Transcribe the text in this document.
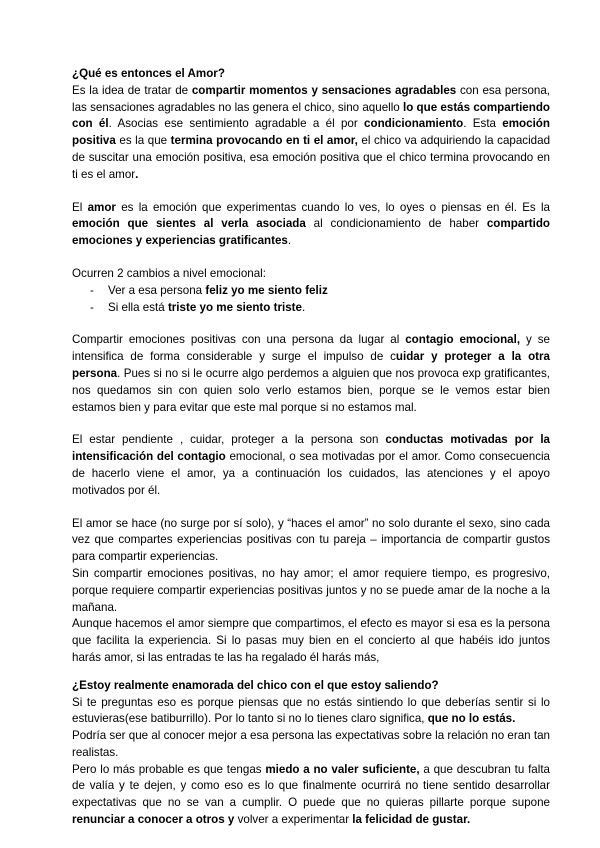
¿Qué es entonces el Amor?

Es la idea de tratar de compartir momentos y sensaciones agradables con esa persona, las sensaciones agradables no las genera el chico, sino aquello lo que estás compartiendo con él. Asocias ese sentimiento agradable a él por condicionamiento. Esta emoción positiva es la que termina provocando en ti el amor, el chico va adquiriendo la capacidad de suscitar una emoción positiva, esa emoción positiva que el chico termina provocando en ti es el amor.

El amor es la emoción que experimentas cuando lo ves, lo oyes o piensas en él. Es la emoción que sientes al verla asociada al condicionamiento de haber compartido emociones y experiencias gratificantes.

Ocurren 2 cambios a nivel emocional:

- Ver a esa persona feliz yo me siento feliz
- Si ella está triste yo me siento triste.

Compartir emociones positivas con una persona da lugar al contagio emocional, y se intensifica de forma considerable y surge el impulso de cuidar y proteger a la otra persona. Pues si no si le ocurre algo perdemos a alguien que nos provoca exp gratificantes, nos quedamos sin con quien solo verlo estamos bien, porque se le vemos estar bien estamos bien y para evitar que este mal porque si no estamos mal.

El estar pendiente , cuidar, proteger a la persona son conductas motivadas por la intensificación del contagio emocional, o sea motivadas por el amor. Como consecuencia de hacerlo viene el amor, ya a continuación los cuidados, las atenciones y el apoyo motivados por él.

El amor se hace (no surge por sí solo), y “haces el amor” no solo durante el sexo, sino cada vez que compartes experiencias positivas con tu pareja – importancia de compartir gustos para compartir experiencias.

Sin compartir emociones positivas, no hay amor; el amor requiere tiempo, es progresivo, porque requiere compartir experiencias positivas juntos y no se puede amar de la noche a la mañana.

Aunque hacemos el amor siempre que compartimos, el efecto es mayor si esa es la persona que facilita la experiencia. Si lo pasas muy bien en el concierto al que habéis ido juntos harás amor, si las entradas te las ha regalado él harás más,

¿Estoy realmente enamorada del chico con el que estoy saliendo?

Si te preguntas eso es porque piensas que no estás sintiendo lo que deberías sentir si lo estuvieras(ese batiburrillo). Por lo tanto si no lo tienes claro significa, que no lo estás.

Podría ser que al conocer mejor a esa persona las expectativas sobre la relación no eran tan realistas.

Pero lo más probable es que tengas miedo a no valer suficiente, a que descubran tu falta de valía y te dejen, y como eso es lo que finalmente ocurrirá no tiene sentido desarrollar expectativas que no se van a cumplir. O puede que no quieras pillarte porque supone renunciar a conocer a otros y volver a experimentar la felicidad de gustar.
